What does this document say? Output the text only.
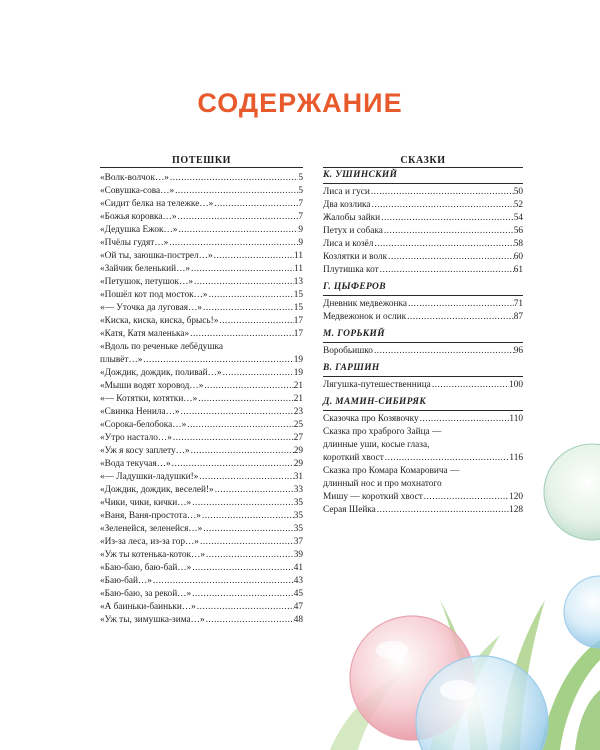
СОДЕРЖАНИЕ
ПОТЕШКИ
«Волк-волчок…» .....	5
«Совушка-сова…» .....	5
«Сидит белка на тележке…» .....	7
«Божья коровка…» .....	7
«Дедушка Ежок…» .....	9
«Пчёлы гудят…» .....	9
«Ой ты, заюшка-пострел…» .....	11
«Зайчик беленький…» .....	11
«Петушок, петушок…» .....	13
«Пошёл кот под мосток…» .....	15
«— Уточка да луговая…» .....	15
«Киска, киска, киска, брысь!» .....	17
«Катя, Катя маленька» .....	17
«Вдоль по реченьке лебёдушка
плывёт…» .....	19
«Дождик, дождик, поливай…» .....	19
«Мыши водят хоровод…» .....	21
«— Котятки, котятки…» .....	21
«Свинка Ненила…» .....	23
«Сорока-белобока…» .....	25
«Утро настало…» .....	27
«Уж я косу заплету…» .....	29
«Вода текучая…» .....	29
«— Ладушки-ладушки!» .....	31
«Дождик, дождик, веселей!» .....	33
«Чики, чики, кички…» .....	35
«Ваня, Ваня-простота…» .....	35
«Зеленейся, зеленейся…» .....	35
«Из-за леса, из-за гор…» .....	37
«Уж ты котенька-коток…» .....	39
«Баю-баю, баю-бай…» .....	41
«Баю-бай…» .....	43
«Баю-баю, за рекой…» .....	45
«А баиньки-баиньки…» .....	47
«Уж ты, зимушка-зима…» .....	48
СКАЗКИ
К. УШИНСКИЙ
Лиса и гуси .....	50
Два козлика .....	52
Жалобы зайки .....	54
Петух и собака .....	56
Лиса и козёл .....	58
Козлятки и волк .....	60
Плутишка кот .....	61
Г. ЦЫФЕРОВ
Дневник медвежонка .....	71
Медвежонок и ослик .....	87
М. ГОРЬКИЙ
Воробьишко .....	96
В. ГАРШИН
Лягушка-путешественница .....	100
Д. МАМИН-СИБИРЯК
Сказочка про Козявочку .....	110
Сказка про храброго Зайца —
длинные уши, косые глаза,
короткий хвост .....	116
Сказка про Комара Комаровича —
длинный нос и про мохнатого
Мишу — короткий хвост .....	120
Серая Шейка .....	128
